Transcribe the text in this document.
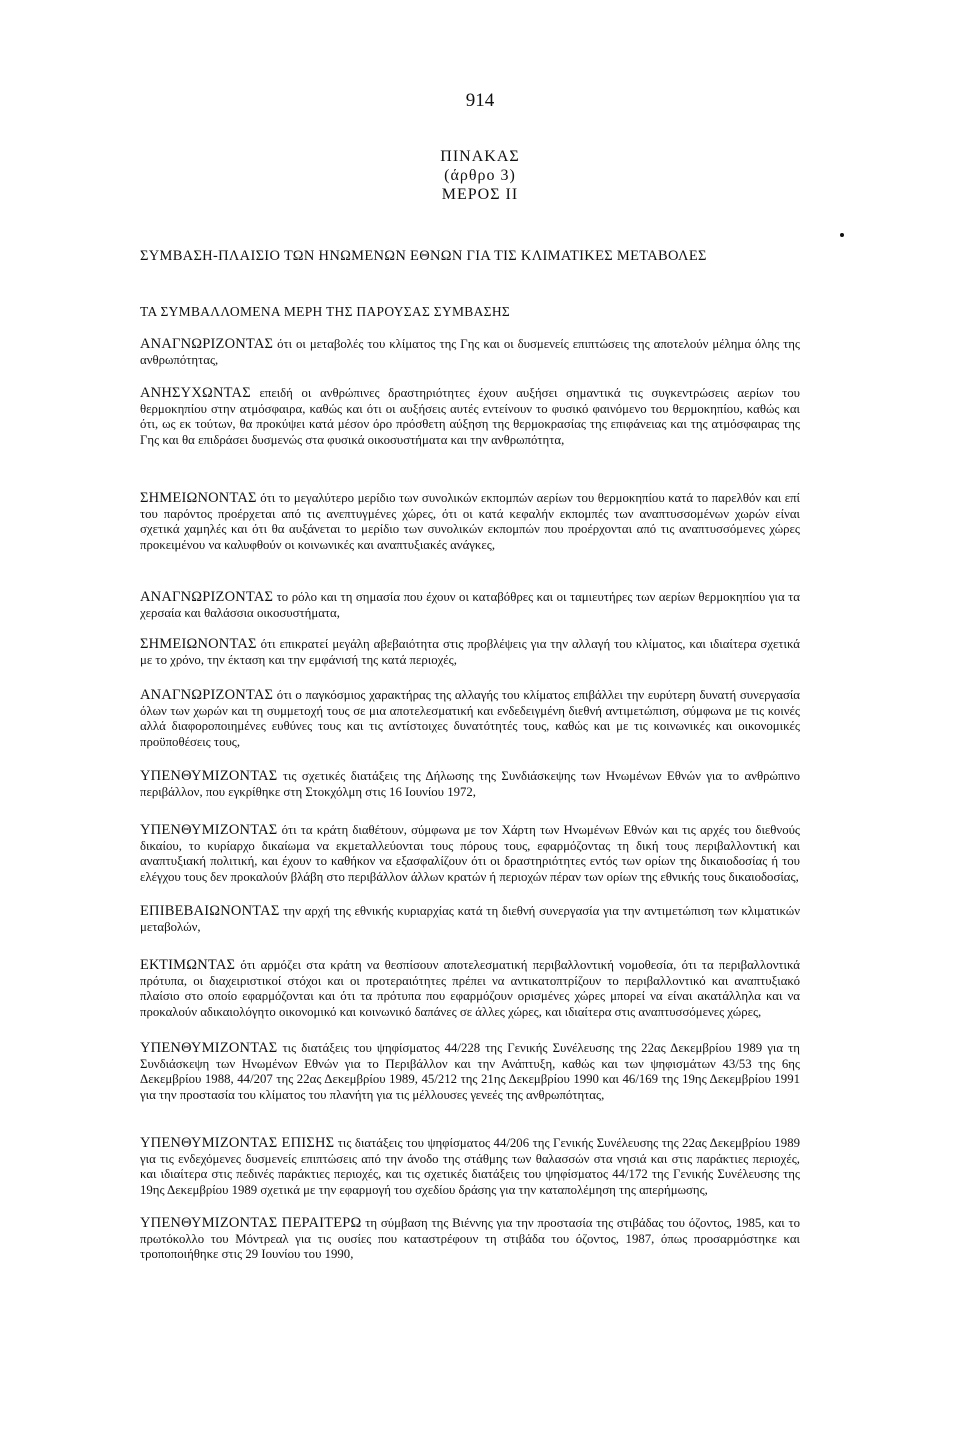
914
ΠΙΝΑΚΑΣ
(άρθρο 3)
ΜΕΡΟΣ ΙΙ
ΣΥΜΒΑΣΗ-ΠΛΑΙΣΙΟ ΤΩΝ ΗΝΩΜΕΝΩΝ ΕΘΝΩΝ ΓΙΑ ΤΙΣ ΚΛΙΜΑΤΙΚΕΣ ΜΕΤΑΒΟΛΕΣ
ΤΑ ΣΥΜΒΑΛΛΟΜΕΝΑ ΜΕΡΗ ΤΗΣ ΠΑΡΟΥΣΑΣ ΣΥΜΒΑΣΗΣ
ΑΝΑΓΝΩΡΙΖΟΝΤΑΣ ότι οι μεταβολές του κλίματος της Γης και οι δυσμενείς επιπτώσεις της αποτελούν μέλημα όλης της ανθρωπότητας,
ΑΝΗΣΥΧΩΝΤΑΣ επειδή οι ανθρώπινες δραστηριότητες έχουν αυξήσει σημαντικά τις συγκεντρώσεις αερίων του θερμοκηπίου στην ατμόσφαιρα, καθώς και ότι οι αυξήσεις αυτές εντείνουν το φυσικό φαινόμενο του θερμοκηπίου, καθώς και ότι, ως εκ τούτων, θα προκύψει κατά μέσον όρο πρόσθετη αύξηση της θερμοκρασίας της επιφάνειας και της ατμόσφαιρας της Γης και θα επιδράσει δυσμενώς στα φυσικά οικοσυστήματα και την ανθρωπότητα,
ΣΗΜΕΙΩΝΟΝΤΑΣ ότι το μεγαλύτερο μερίδιο των συνολικών εκπομπών αερίων του θερμοκηπίου κατά το παρελθόν και επί του παρόντος προέρχεται από τις ανεπτυγμένες χώρες, ότι οι κατά κεφαλήν εκπομπές των αναπτυσσομένων χωρών είναι σχετικά χαμηλές και ότι θα αυξάνεται το μερίδιο των συνολικών εκπομπών που προέρχονται από τις αναπτυσσόμενες χώρες προκειμένου να καλυφθούν οι κοινωνικές και αναπτυξιακές ανάγκες,
ΑΝΑΓΝΩΡΙΖΟΝΤΑΣ το ρόλο και τη σημασία που έχουν οι καταβόθρες και οι ταμιευτήρες των αερίων θερμοκηπίου για τα χερσαία και θαλάσσια οικοσυστήματα,
ΣΗΜΕΙΩΝΟΝΤΑΣ ότι επικρατεί μεγάλη αβεβαιότητα στις προβλέψεις για την αλλαγή του κλίματος, και ιδιαίτερα σχετικά με το χρόνο, την έκταση και την εμφάνισή της κατά περιοχές,
ΑΝΑΓΝΩΡΙΖΟΝΤΑΣ ότι ο παγκόσμιος χαρακτήρας της αλλαγής του κλίματος επιβάλλει την ευρύτερη δυνατή συνεργασία όλων των χωρών και τη συμμετοχή τους σε μια αποτελεσματική και ενδεδειγμένη διεθνή αντιμετώπιση, σύμφωνα με τις κοινές αλλά διαφοροποιημένες ευθύνες τους και τις αντίστοιχες δυνατότητές τους, καθώς και με τις κοινωνικές και οικονομικές προϋποθέσεις τους,
ΥΠΕΝΘΥΜΙΖΟΝΤΑΣ τις σχετικές διατάξεις της Δήλωσης της Συνδιάσκεψης των Ηνωμένων Εθνών για το ανθρώπινο περιβάλλον, που εγκρίθηκε στη Στοκχόλμη στις 16 Ιουνίου 1972,
ΥΠΕΝΘΥΜΙΖΟΝΤΑΣ ότι τα κράτη διαθέτουν, σύμφωνα με τον Χάρτη των Ηνωμένων Εθνών και τις αρχές του διεθνούς δικαίου, το κυρίαρχο δικαίωμα να εκμεταλλεύονται τους πόρους τους, εφαρμόζοντας τη δική τους περιβαλλοντική και αναπτυξιακή πολιτική, και έχουν το καθήκον να εξασφαλίζουν ότι οι δραστηριότητες εντός των ορίων της δικαιοδοσίας ή του ελέγχου τους δεν προκαλούν βλάβη στο περιβάλλον άλλων κρατών ή περιοχών πέραν των ορίων της εθνικής τους δικαιοδοσίας,
ΕΠΙΒΕΒΑΙΩΝΟΝΤΑΣ την αρχή της εθνικής κυριαρχίας κατά τη διεθνή συνεργασία για την αντιμετώπιση των κλιματικών μεταβολών,
ΕΚΤΙΜΩΝΤΑΣ ότι αρμόζει στα κράτη να θεσπίσουν αποτελεσματική περιβαλλοντική νομοθεσία, ότι τα περιβαλλοντικά πρότυπα, οι διαχειριστικοί στόχοι και οι προτεραιότητες πρέπει να αντικατοπτρίζουν το περιβαλλοντικό και αναπτυξιακό πλαίσιο στο οποίο εφαρμόζονται και ότι τα πρότυπα που εφαρμόζουν ορισμένες χώρες μπορεί να είναι ακατάλληλα και να προκαλούν αδικαιολόγητο οικονομικό και κοινωνικό δαπάνες σε άλλες χώρες, και ιδιαίτερα στις αναπτυσσόμενες χώρες,
ΥΠΕΝΘΥΜΙΖΟΝΤΑΣ τις διατάξεις του ψηφίσματος 44/228 της Γενικής Συνέλευσης της 22ας Δεκεμβρίου 1989 για τη Συνδιάσκεψη των Ηνωμένων Εθνών για το Περιβάλλον και την Ανάπτυξη, καθώς και των ψηφισμάτων 43/53 της 6ης Δεκεμβρίου 1988, 44/207 της 22ας Δεκεμβρίου 1989, 45/212 της 21ης Δεκεμβρίου 1990 και 46/169 της 19ης Δεκεμβρίου 1991 για την προστασία του κλίματος του πλανήτη για τις μέλλουσες γενεές της ανθρωπότητας,
ΥΠΕΝΘΥΜΙΖΟΝΤΑΣ ΕΠΙΣΗΣ τις διατάξεις του ψηφίσματος 44/206 της Γενικής Συνέλευσης της 22ας Δεκεμβρίου 1989 για τις ενδεχόμενες δυσμενείς επιπτώσεις από την άνοδο της στάθμης των θαλασσών στα νησιά και στις παράκτιες περιοχές, και ιδιαίτερα στις πεδινές παράκτιες περιοχές, και τις σχετικές διατάξεις του ψηφίσματος 44/172 της Γενικής Συνέλευσης της 19ης Δεκεμβρίου 1989 σχετικά με την εφαρμογή του σχεδίου δράσης για την καταπολέμηση της απερήμωσης,
ΥΠΕΝΘΥΜΙΖΟΝΤΑΣ ΠΕΡΑΙΤΕΡΩ τη σύμβαση της Βιέννης για την προστασία της στιβάδας του όζοντος, 1985, και το πρωτόκολλο του Μόντρεαλ για τις ουσίες που καταστρέφουν τη στιβάδα του όζοντος, 1987, όπως προσαρμόστηκε και τροποποιήθηκε στις 29 Ιουνίου του 1990,
